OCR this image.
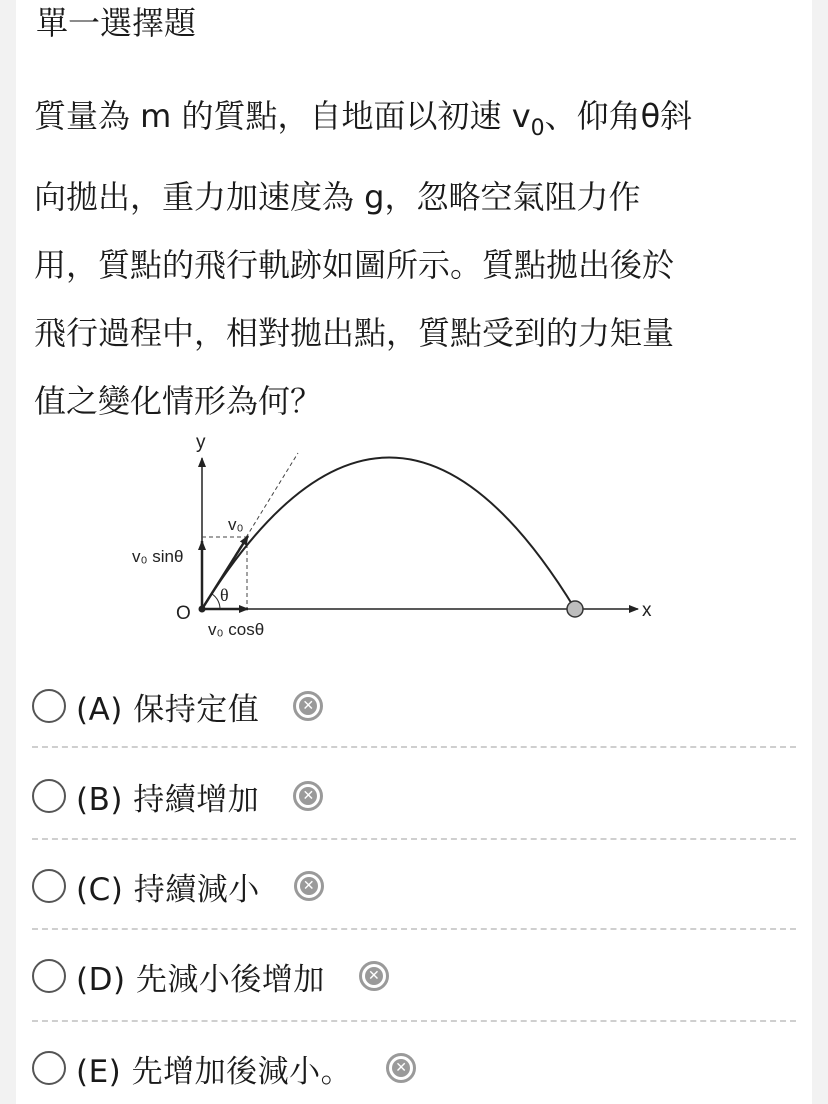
單一選擇題
質量為 m 的質點，自地面以初速 $v_0$、仰角θ斜
向拋出，重力加速度為 g，忽略空氣阻力作
用，質點的飛行軌跡如圖所示。質點拋出後於
飛行過程中，相對拋出點，質點受到的力矩量
值之變化情形為何？
y
x
O
v₀
v₀ sinθ
v₀ cosθ
θ
(A) 保持定值	✕
(B) 持續增加	✕
(C) 持續減小	✕
(D) 先減小後增加	✕
(E) 先增加後減小。	✕
